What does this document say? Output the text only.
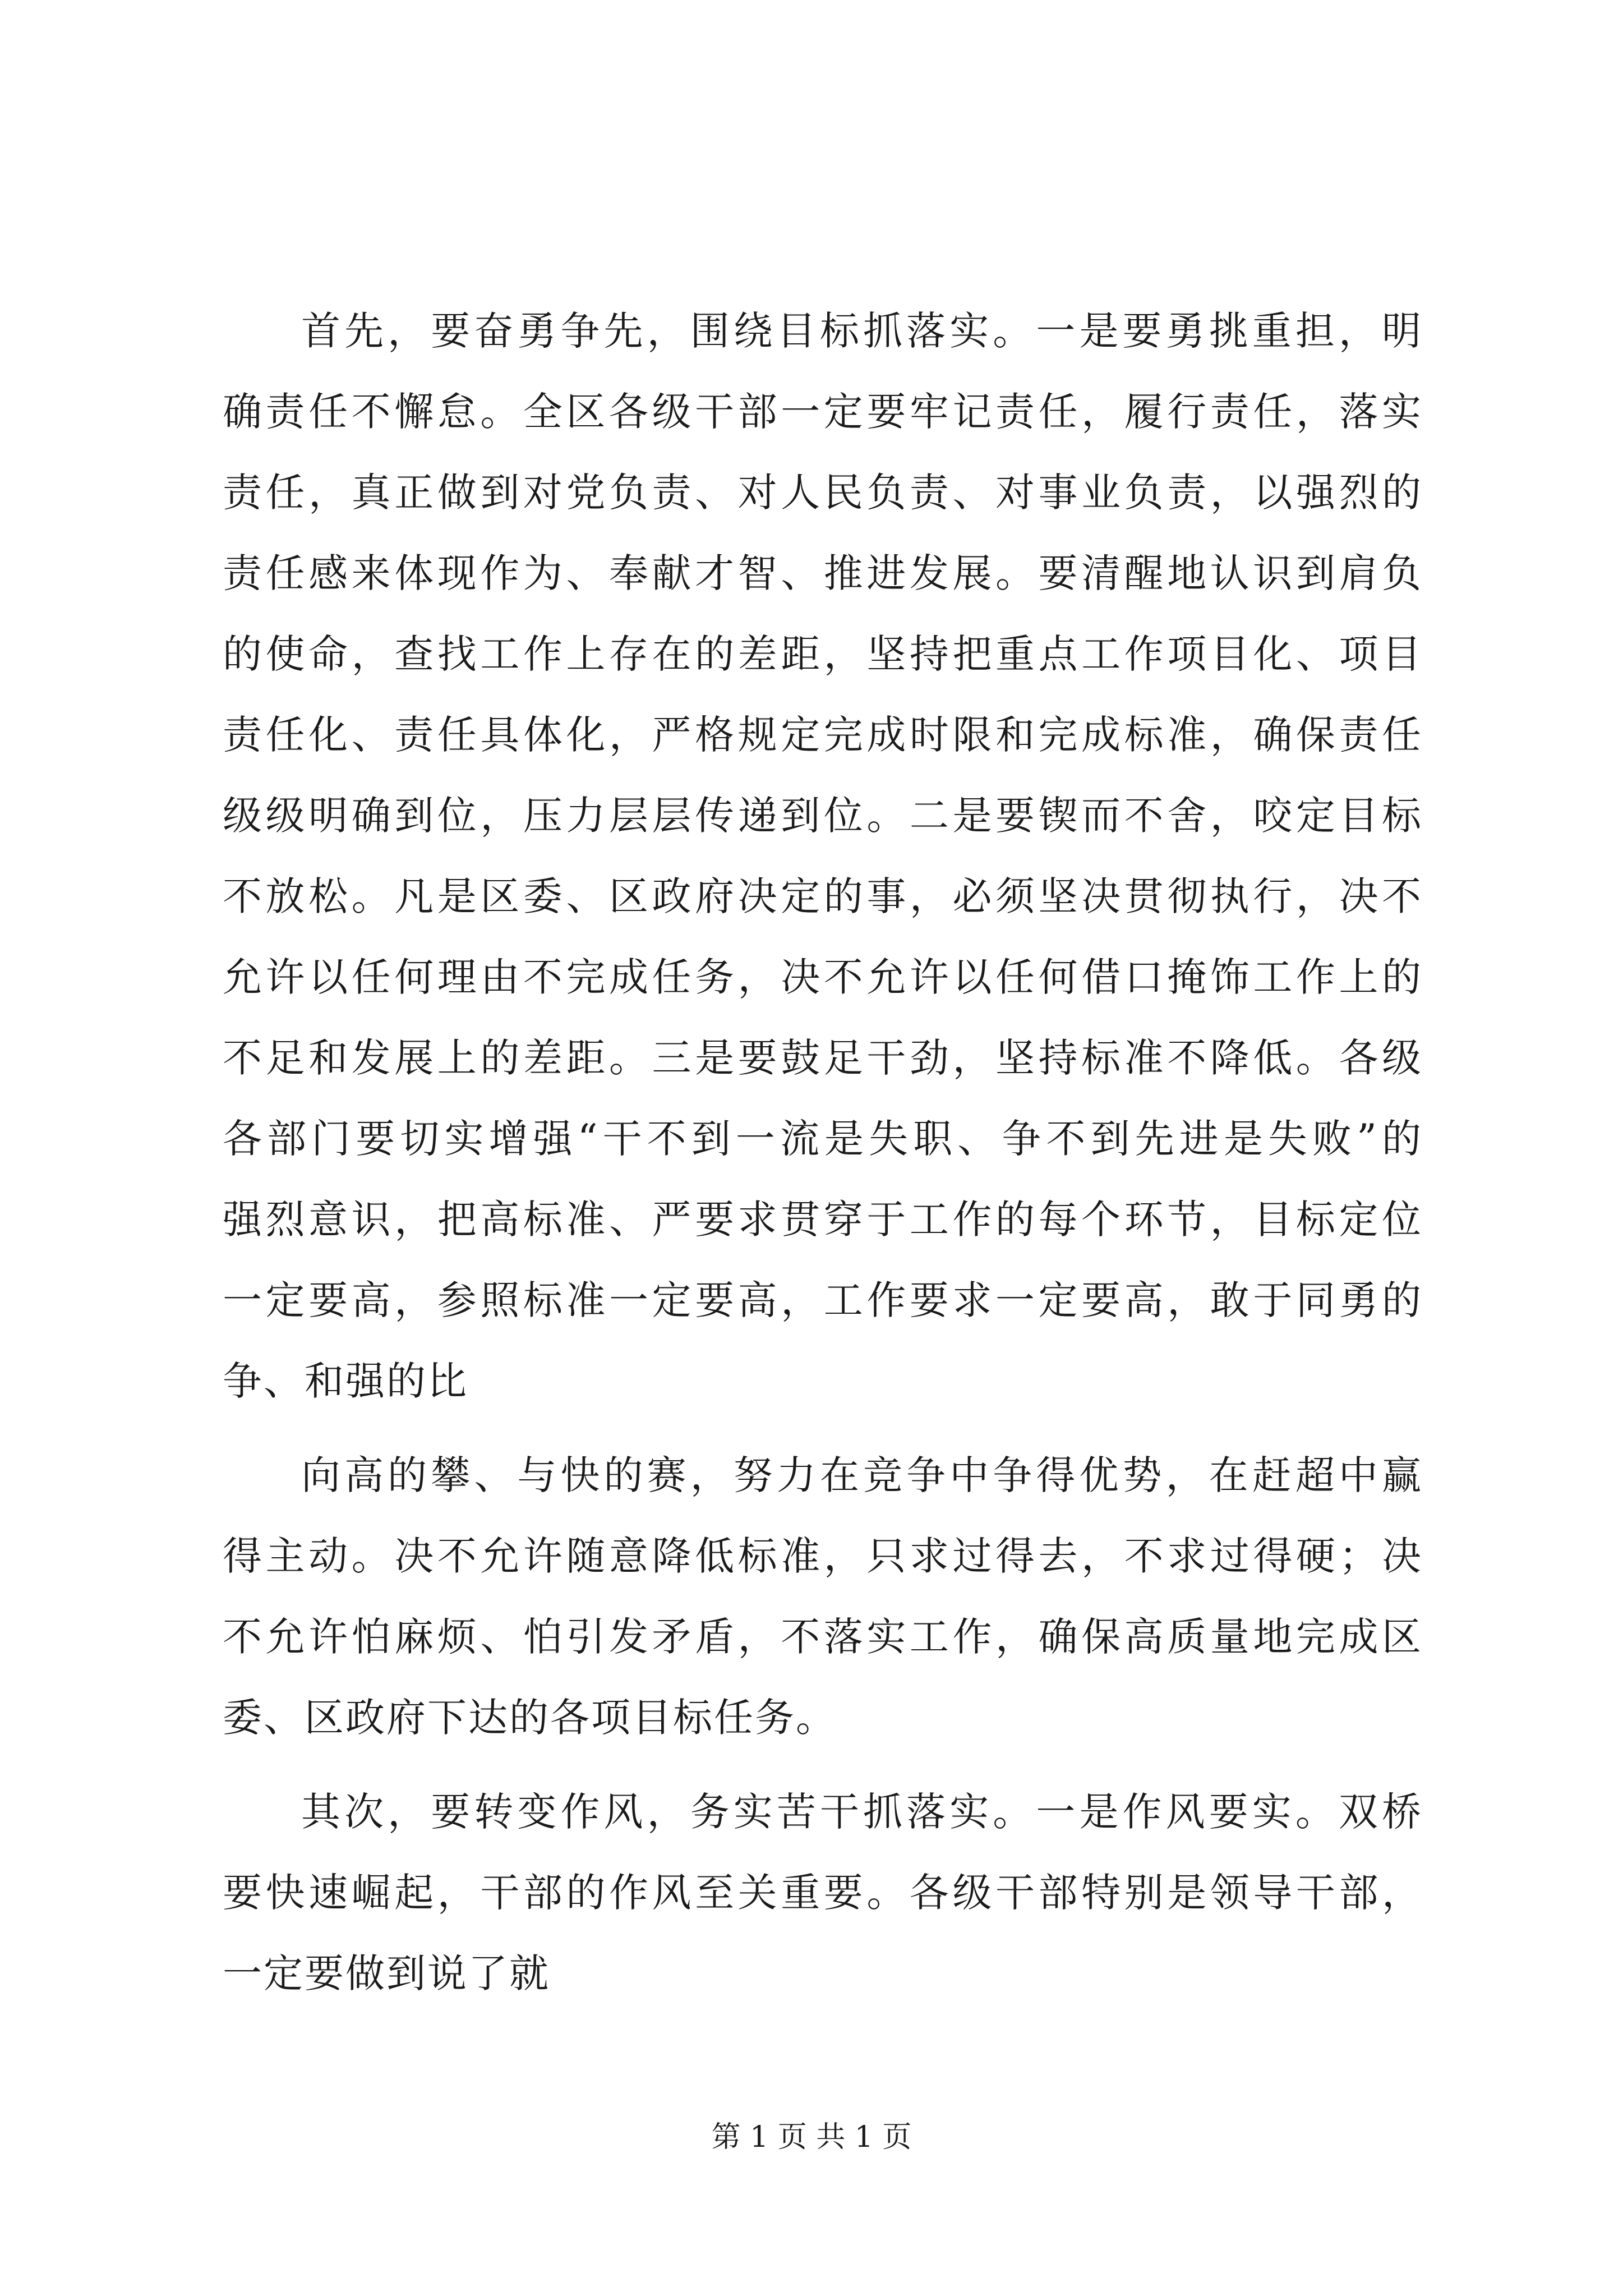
首先，要奋勇争先，围绕目标抓落实。一是要勇挑重担，明
确责任不懈怠。全区各级干部一定要牢记责任，履行责任，落实
责任，真正做到对党负责、对人民负责、对事业负责，以强烈的
责任感来体现作为、奉献才智、推进发展。要清醒地认识到肩负
的使命，查找工作上存在的差距，坚持把重点工作项目化、项目
责任化、责任具体化，严格规定完成时限和完成标准，确保责任
级级明确到位，压力层层传递到位。二是要锲而不舍，咬定目标
不放松。凡是区委、区政府决定的事，必须坚决贯彻执行，决不
允许以任何理由不完成任务，决不允许以任何借口掩饰工作上的
不足和发展上的差距。三是要鼓足干劲，坚持标准不降低。各级
各部门要切实增强“干不到一流是失职、争不到先进是失败”的
强烈意识，把高标准、严要求贯穿于工作的每个环节，目标定位
一定要高，参照标准一定要高，工作要求一定要高，敢于同勇的
争、和强的比
向高的攀、与快的赛，努力在竞争中争得优势，在赶超中赢
得主动。决不允许随意降低标准，只求过得去，不求过得硬；决
不允许怕麻烦、怕引发矛盾，不落实工作，确保高质量地完成区
委、区政府下达的各项目标任务。
其次，要转变作风，务实苦干抓落实。一是作风要实。双桥
要快速崛起，干部的作风至关重要。各级干部特别是领导干部，
一定要做到说了就
第 1 页 共 1 页
